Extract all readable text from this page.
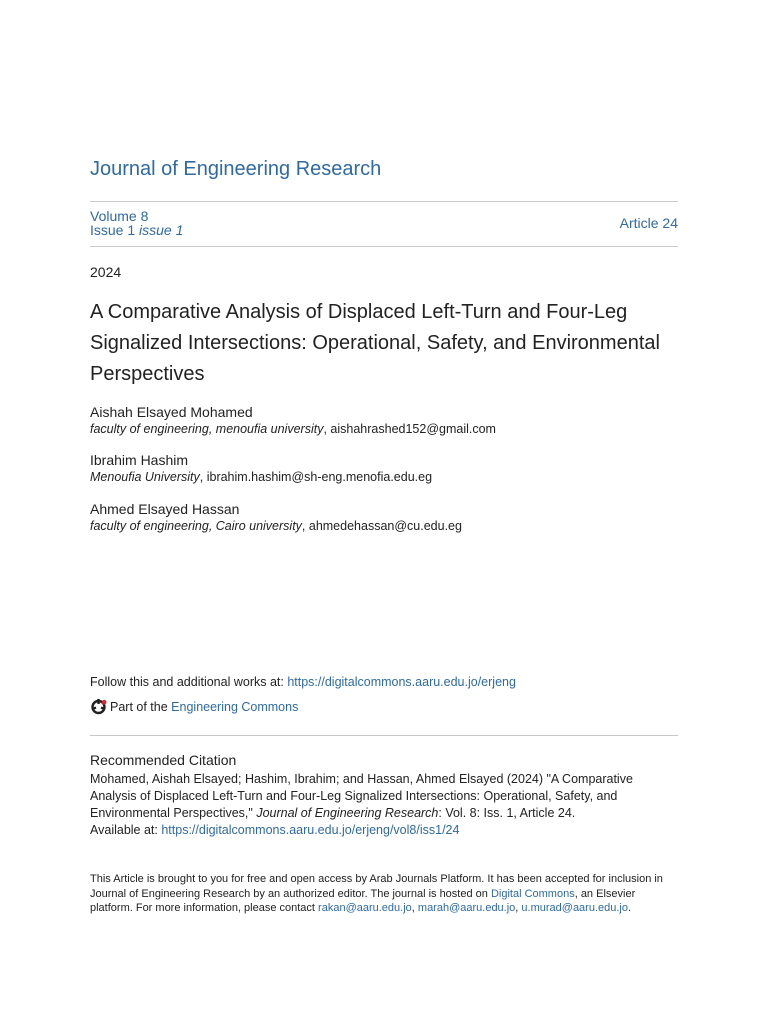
Journal of Engineering Research
Volume 8
Issue 1 issue 1	Article 24
2024
A Comparative Analysis of Displaced Left-Turn and Four-Leg Signalized Intersections: Operational, Safety, and Environmental Perspectives
Aishah Elsayed Mohamed
faculty of engineering, menoufia university, aishahrashed152@gmail.com
Ibrahim Hashim
Menoufia University, ibrahim.hashim@sh-eng.menofia.edu.eg
Ahmed Elsayed Hassan
faculty of engineering, Cairo university, ahmedehassan@cu.edu.eg
Follow this and additional works at: https://digitalcommons.aaru.edu.jo/erjeng
Part of the
Engineering Commons
Recommended Citation
Mohamed, Aishah Elsayed; Hashim, Ibrahim; and Hassan, Ahmed Elsayed (2024) "A Comparative Analysis of Displaced Left-Turn and Four-Leg Signalized Intersections: Operational, Safety, and Environmental Perspectives," Journal of Engineering Research: Vol. 8: Iss. 1, Article 24.
Available at: https://digitalcommons.aaru.edu.jo/erjeng/vol8/iss1/24
This Article is brought to you for free and open access by Arab Journals Platform. It has been accepted for inclusion in Journal of Engineering Research by an authorized editor. The journal is hosted on Digital Commons, an Elsevier platform. For more information, please contact rakan@aaru.edu.jo, marah@aaru.edu.jo, u.murad@aaru.edu.jo.
